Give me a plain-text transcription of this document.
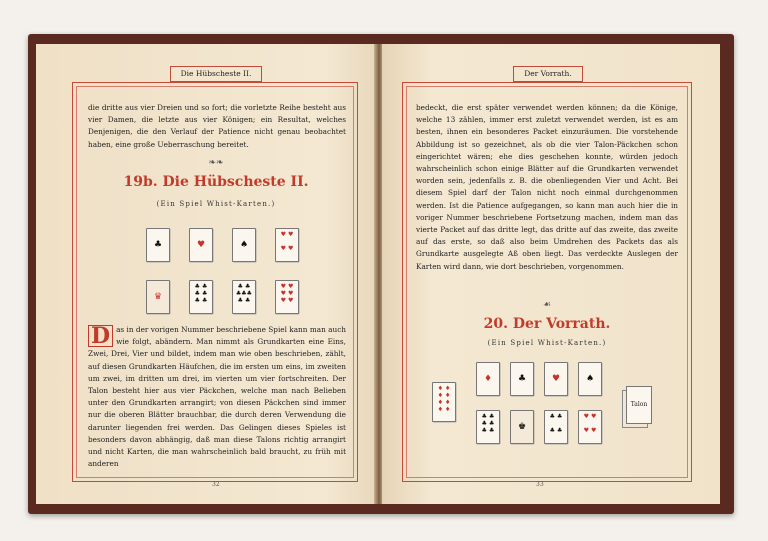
Die Hübscheste II.
die dritte aus vier Dreien und so fort; die vorletzte Reihe besteht aus vier Damen, die letzte aus vier Königen; ein Resultat, welches Denjenigen, die den Verlauf der Patience nicht genau beobachtet haben, eine große Ueberraschung bereitet.
❧❧
19b. Die Hübscheste II.
(Ein Spiel Whist-Karten.)
♣	♥	♠
♥ ♥

♥ ♥
♛
♣ ♣
♣ ♣
♣ ♣
♣ ♣
♣♣♣
♣ ♣
♥ ♥
♥ ♥
♥ ♥
D as in der vorigen Nummer beschriebene Spiel kann man auch wie folgt, abändern. Man nimmt als Grundkarten eine Eins, Zwei, Drei, Vier und bildet, indem man wie oben beschrieben, zählt, auf diesen Grundkarten Häufchen, die im ersten um eins, im zweiten um zwei, im dritten um drei, im vierten um vier fortschreiten. Der Talon besteht hier aus vier Päckchen, welche man nach Belieben unter den Grundkarten arrangirt; von diesen Päckchen sind immer nur die oberen Blätter brauchbar, die durch deren Verwendung die darunter liegenden frei werden. Das Gelingen dieses Spieles ist besonders davon abhängig, daß man diese Talons richtig arrangirt und nicht Karten, die man wahrscheinlich bald braucht, zu früh mit anderen
32
Der Vorrath.
bedeckt, die erst später verwendet werden können; da die Könige, welche 13 zählen, immer erst zuletzt verwendet werden, ist es am besten, ihnen ein besonderes Packet einzuräumen. Die vorstehende Abbildung ist so gezeichnet, als ob die vier Talon-Päckchen schon eingerichtet wären; ehe dies geschehen konnte, würden jedoch wahrscheinlich schon einige Blätter auf die Grundkarten verwendet worden sein, jedenfalls z. B. die obenliegenden Vier und Acht. Bei diesem Spiel darf der Talon nicht noch einmal durchgenommen werden. Ist die Patience aufgegangen, so kann man auch hier die in voriger Nummer beschriebene Fortsetzung machen, indem man das vierte Packet auf das dritte legt, das dritte auf das zweite, das zweite auf das erste, so daß also beim Umdrehen des Packets das als Grundkarte ausgelegte Aß oben liegt. Das verdeckte Auslegen der Karten wird dann, wie dort beschrieben, vorgenommen.
☙
20. Der Vorrath.
(Ein Spiel Whist-Karten.)
♦ ♦
♦ ♦
♦ ♦
♦ ♦
♦	♣	♥	♠
♣ ♣
♣ ♣
♣ ♣	♚
♣ ♣

♣ ♣
♥ ♥

♥ ♥
Talon
33
